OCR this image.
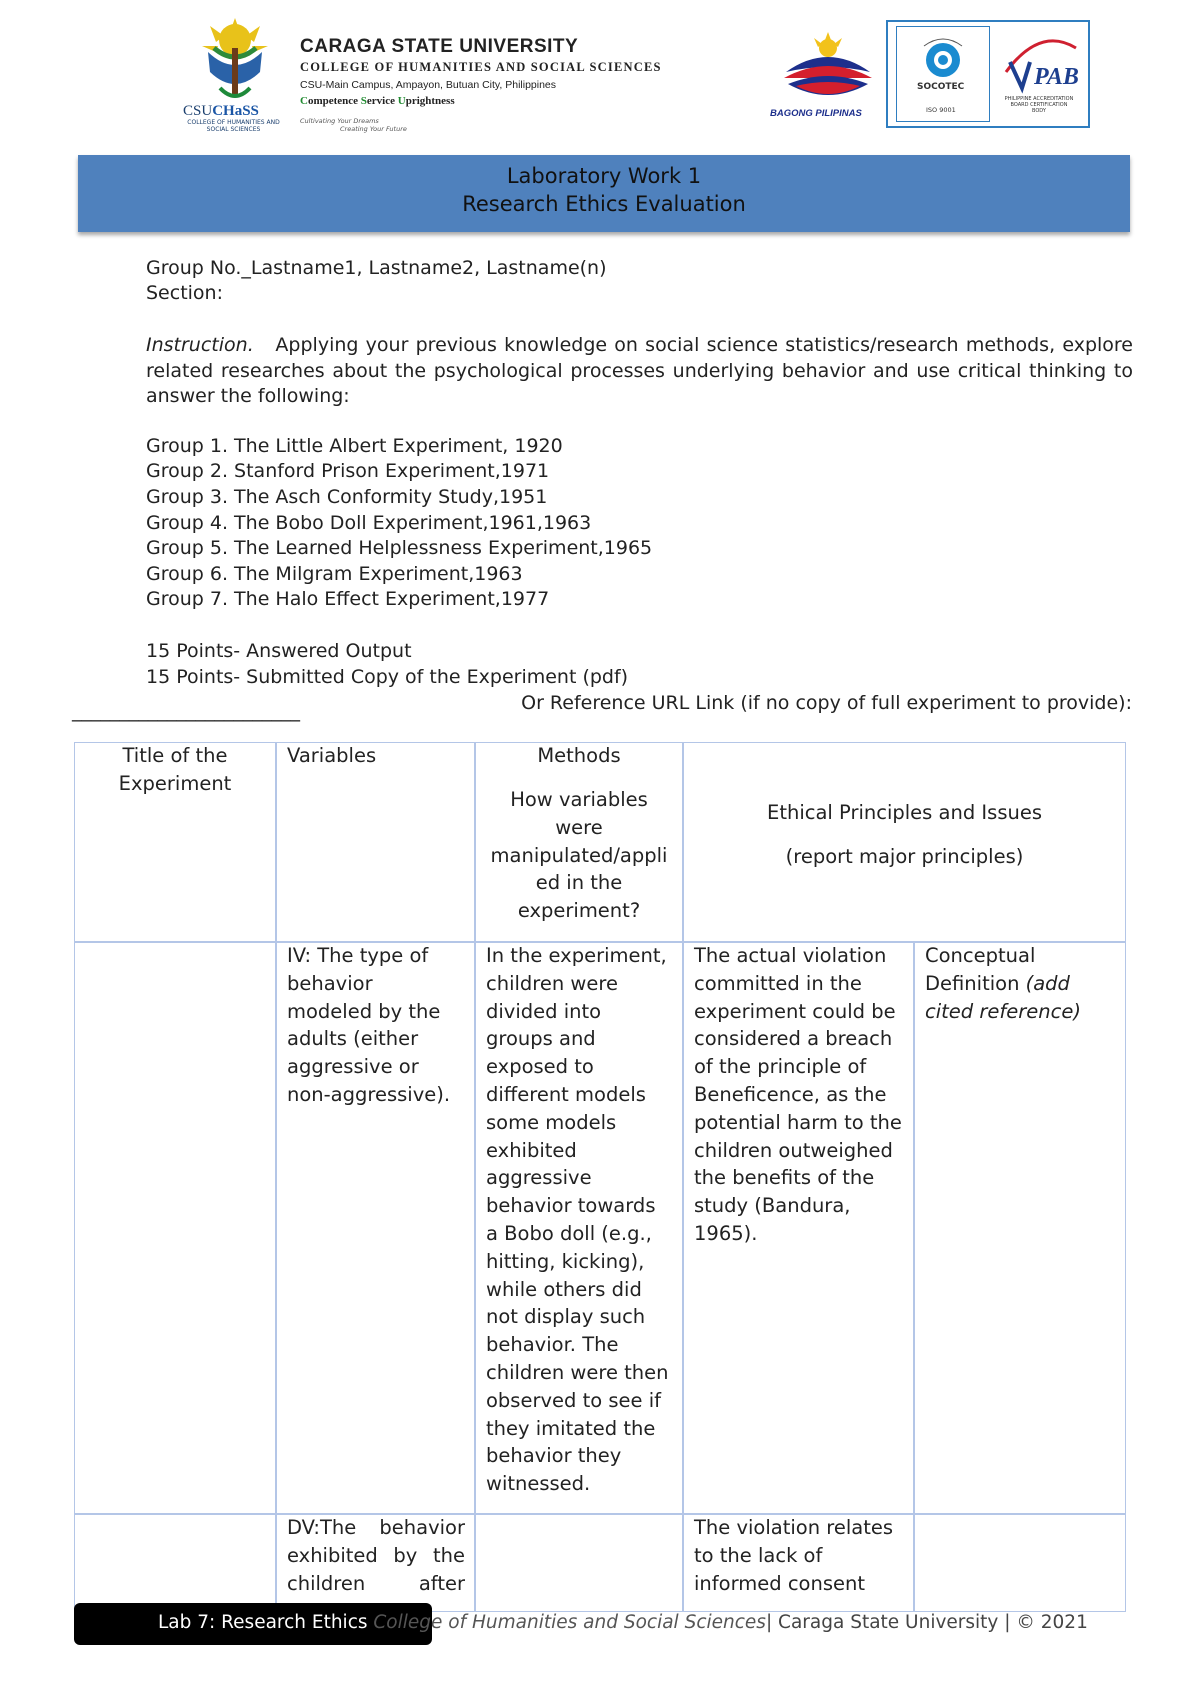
CSUCHaSS
COLLEGE OF HUMANITIES AND SOCIAL SCIENCES
CARAGA STATE UNIVERSITY
COLLEGE OF HUMANITIES AND SOCIAL SCIENCES
CSU-Main Campus, Ampayon, Butuan City, Philippines
Competence Service Uprightness
Cultivating Your Dreams
Creating Your Future
BAGONG PILIPINAS
SOCOTEC
ISO 9001
PAB
PHILIPPINE ACCREDITATION BOARD CERTIFICATION BODY
Laboratory Work 1
Research Ethics Evaluation
Group No._Lastname1, Lastname2, Lastname(n)
Section:
Instruction. Applying your previous knowledge on social science statistics/research methods, explore related researches about the psychological processes underlying behavior and use critical thinking to answer the following:
Group 1. The Little Albert Experiment, 1920
Group 2. Stanford Prison Experiment,1971
Group 3. The Asch Conformity Study,1951
Group 4. The Bobo Doll Experiment,1961,1963
Group 5. The Learned Helplessness Experiment,1965
Group 6. The Milgram Experiment,1963
Group 7. The Halo Effect Experiment,1977
15 Points- Answered Output
15 Points- Submitted Copy of the Experiment (pdf)
Or Reference URL Link (if no copy of full experiment to provide):
________________________
Title of the
Experiment
Variables	Methods
How variables
were
manipulated/appli
ed in the
experiment?
Ethical Principles and Issues
(report major principles)
IV: The type of
behavior
modeled by the
adults (either
aggressive or
non-aggressive).
In the experiment,
children were
divided into
groups and
exposed to
different models
some models
exhibited
aggressive
behavior towards
a Bobo doll (e.g.,
hitting, kicking),
while others did
not display such
behavior. The
children were then
observed to see if
they imitated the
behavior they
witnessed.
The actual violation
committed in the
experiment could be
considered a breach
of the principle of
Beneficence, as the
potential harm to the
children outweighed
the benefits of the
study (Bandura,
1965).
Conceptual
Definition (add
cited reference)
DV:The behavior
exhibited by the
children after
The violation relates
to the lack of
informed consent
Lab 7: Research Ethics College of Humanities and Social Sciences| Caraga State University | © 2021
